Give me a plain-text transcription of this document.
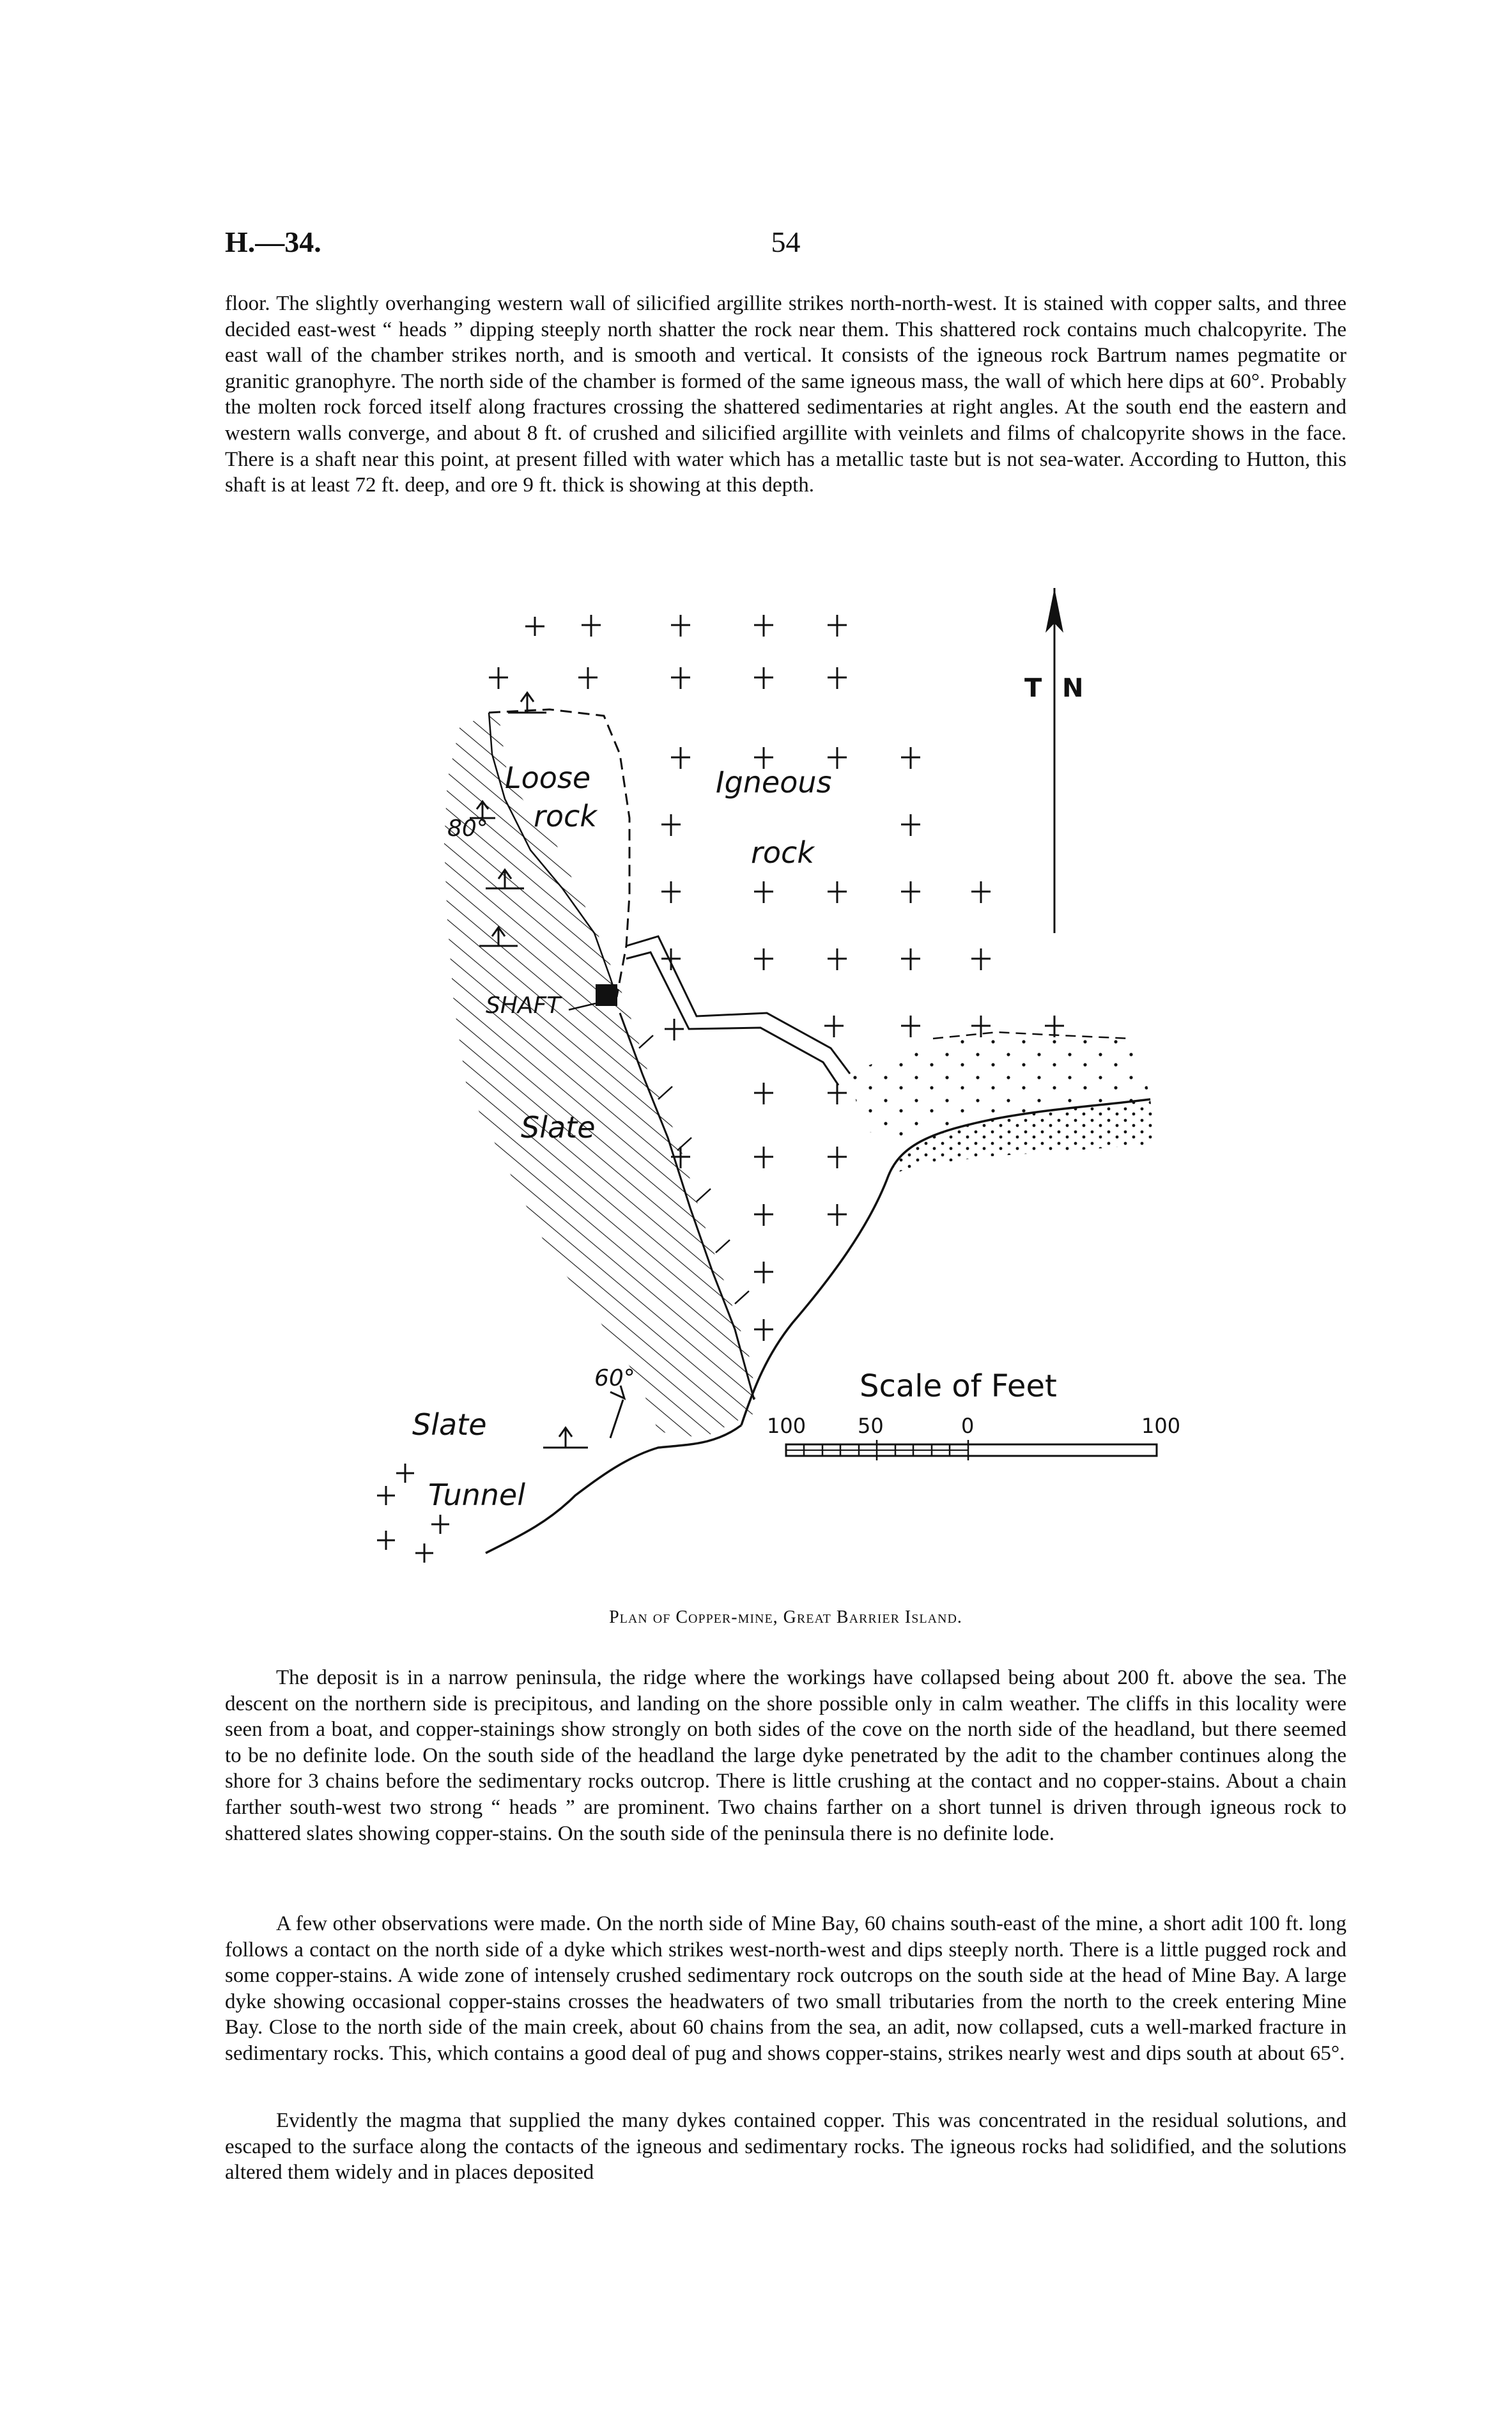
H.—34.	54

floor. The slightly overhanging western wall of silicified argillite strikes north-north-west. It is stained with copper salts, and three decided east-west “ heads ” dipping steeply north shatter the rock near them. This shattered rock contains much chalcopyrite. The east wall of the chamber strikes north, and is smooth and vertical. It consists of the igneous rock Bartrum names pegmatite or granitic granophyre. The north side of the chamber is formed of the same igneous mass, the wall of which here dips at 60°. Probably the molten rock forced itself along fractures crossing the shattered sedimentaries at right angles. At the south end the eastern and western walls converge, and about 8 ft. of crushed and silicified argillite with veinlets and films of chalcopyrite shows in the face. There is a shaft near this point, at present filled with water which has a metallic taste but is not sea-water. According to Hutton, this shaft is at least 72 ft. deep, and ore 9 ft. thick is showing at this depth.

T N
Loose
rock
Igneous
rock
SHAFT
Slate
Slate
Tunnel
80°
60°	Scale of Feet
100	50	0	100
Plan of Copper-mine, Great Barrier Island.

The deposit is in a narrow peninsula, the ridge where the workings have collapsed being about 200 ft. above the sea. The descent on the northern side is precipitous, and landing on the shore possible only in calm weather. The cliffs in this locality were seen from a boat, and copper-stainings show strongly on both sides of the cove on the north side of the headland, but there seemed to be no definite lode. On the south side of the headland the large dyke penetrated by the adit to the chamber continues along the shore for 3 chains before the sedimentary rocks outcrop. There is little crushing at the contact and no copper-stains. About a chain farther south-west two strong “ heads ” are prominent. Two chains farther on a short tunnel is driven through igneous rock to shattered slates showing copper-stains. On the south side of the peninsula there is no definite lode.

A few other observations were made. On the north side of Mine Bay, 60 chains south-east of the mine, a short adit 100 ft. long follows a contact on the north side of a dyke which strikes west-north-west and dips steeply north. There is a little pugged rock and some copper-stains. A wide zone of intensely crushed sedimentary rock outcrops on the south side at the head of Mine Bay. A large dyke showing occasional copper-stains crosses the headwaters of two small tributaries from the north to the creek entering Mine Bay. Close to the north side of the main creek, about 60 chains from the sea, an adit, now collapsed, cuts a well-marked fracture in sedimentary rocks. This, which contains a good deal of pug and shows copper-stains, strikes nearly west and dips south at about 65°.

Evidently the magma that supplied the many dykes contained copper. This was concentrated in the residual solutions, and escaped to the surface along the contacts of the igneous and sedimentary rocks. The igneous rocks had solidified, and the solutions altered them widely and in places deposited
